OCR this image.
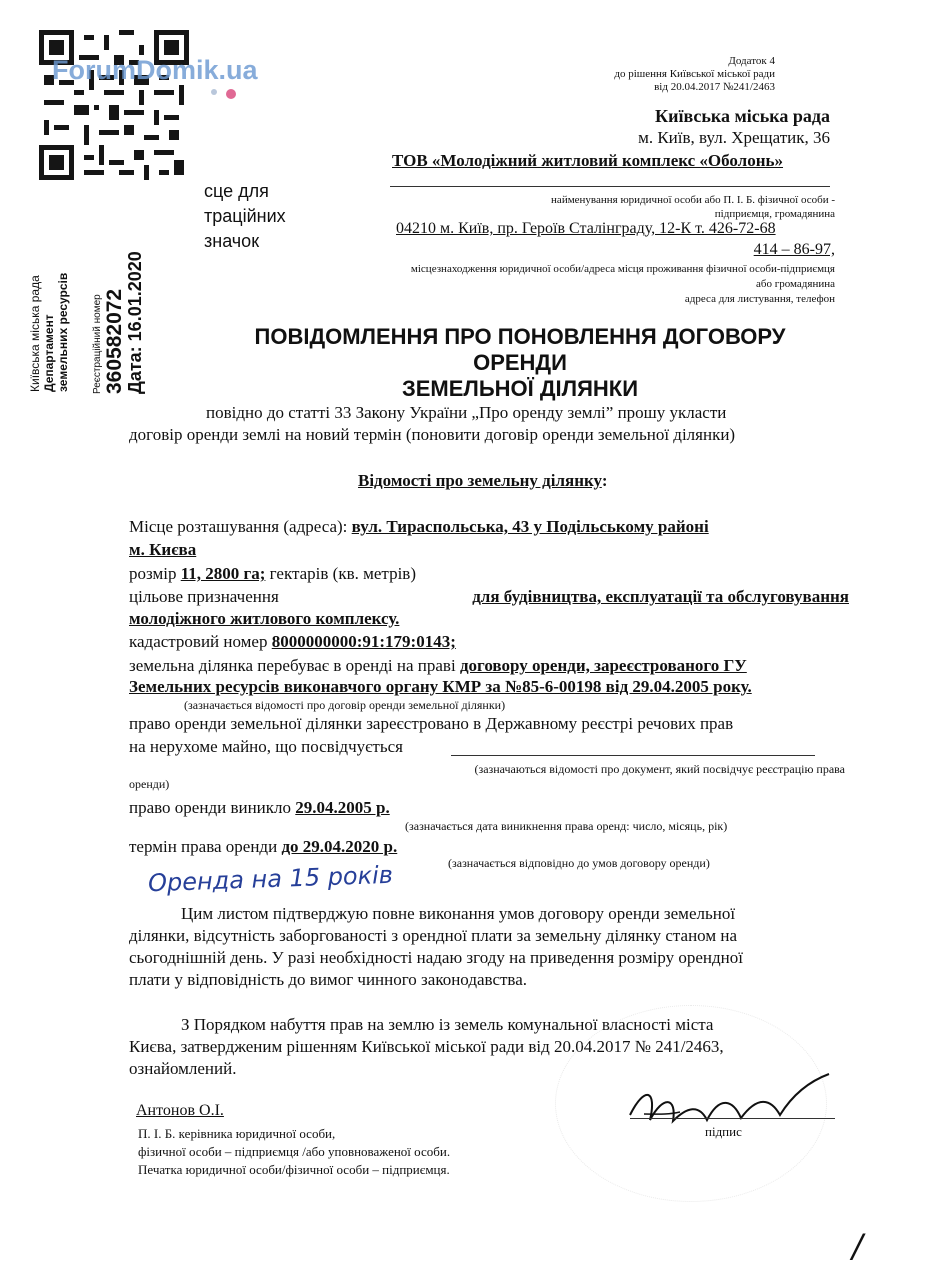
ForumDomik.ua
сце для
траційних
значок
Київська міська рада Департамент земельних ресурсів Реєстраційний номер 360582072 Дата: 16.01.2020
Додаток 4
до рішення Київської міської ради
від 20.04.2017 №241/2463
Київська міська рада
м. Київ, вул. Хрещатик, 36
ТОВ «Молодіжний житловий комплекс «Оболонь»
найменування юридичної особи або П. І. Б. фізичної особи -
підприємця, громадянина
04210 м. Київ, пр. Героїв Сталінграду, 12-К т. 426-72-68
414 – 86-97,
місцезнаходження юридичної особи/адреса місця проживання фізичної особи-підприємця
або громадянина
адреса для листування, телефон
ПОВІДОМЛЕННЯ ПРО ПОНОВЛЕННЯ ДОГОВОРУ ОРЕНДИ
ЗЕМЕЛЬНОЇ ДІЛЯНКИ
повідно до статті 33 Закону України „Про оренду землі” прошу укласти
договір оренди землі на новий термін (поновити договір оренди земельної ділянки)
Відомості про земельну ділянку:
Місце розташування (адреса): вул. Тираспольська, 43 у Подільському районі
м. Києва
розмір 11, 2800 га; гектарів (кв. метрів)
цільове призначення	для будівництва, експлуатації та обслуговування
молодіжного житлового комплексу.
кадастровий номер 8000000000:91:179:0143;
земельна ділянка перебуває в оренді на праві договору оренди, зареєстрованого ГУ
Земельних ресурсів виконавчого органу КМР за №85-6-00198 від 29.04.2005 року.
(зазначається відомості про договір оренди земельної ділянки)
право оренди земельної ділянки зареєстровано в Державному реєстрі речових прав
на нерухоме майно, що посвідчується
(зазначаються відомості про документ, який посвідчує реєстрацію права
оренди)
право оренди виникло 29.04.2005 р.
(зазначається дата виникнення права оренд: число, місяць, рік)
термін права оренди до 29.04.2020 р.
(зазначається відповідно до умов договору оренди)
Оренда на 15 років
Цим листом підтверджую повне виконання умов договору оренди земельної
ділянки, відсутність заборгованості з орендної плати за земельну ділянку станом на
сьогоднішній день. У разі необхідності надаю згоду на приведення розміру орендної
плати у відповідність до вимог чинного законодавства.
З Порядком набуття прав на землю із земель комунальної власності міста
Києва, затвердженим рішенням Київської міської ради від 20.04.2017 № 241/2463,
ознайомлений.
Антонов О.І.
П. І. Б. керівника юридичної особи,
фізичної особи – підприємця /або уповноваженої особи.
Печатка юридичної особи/фізичної особи – підприємця.
підпис
/
